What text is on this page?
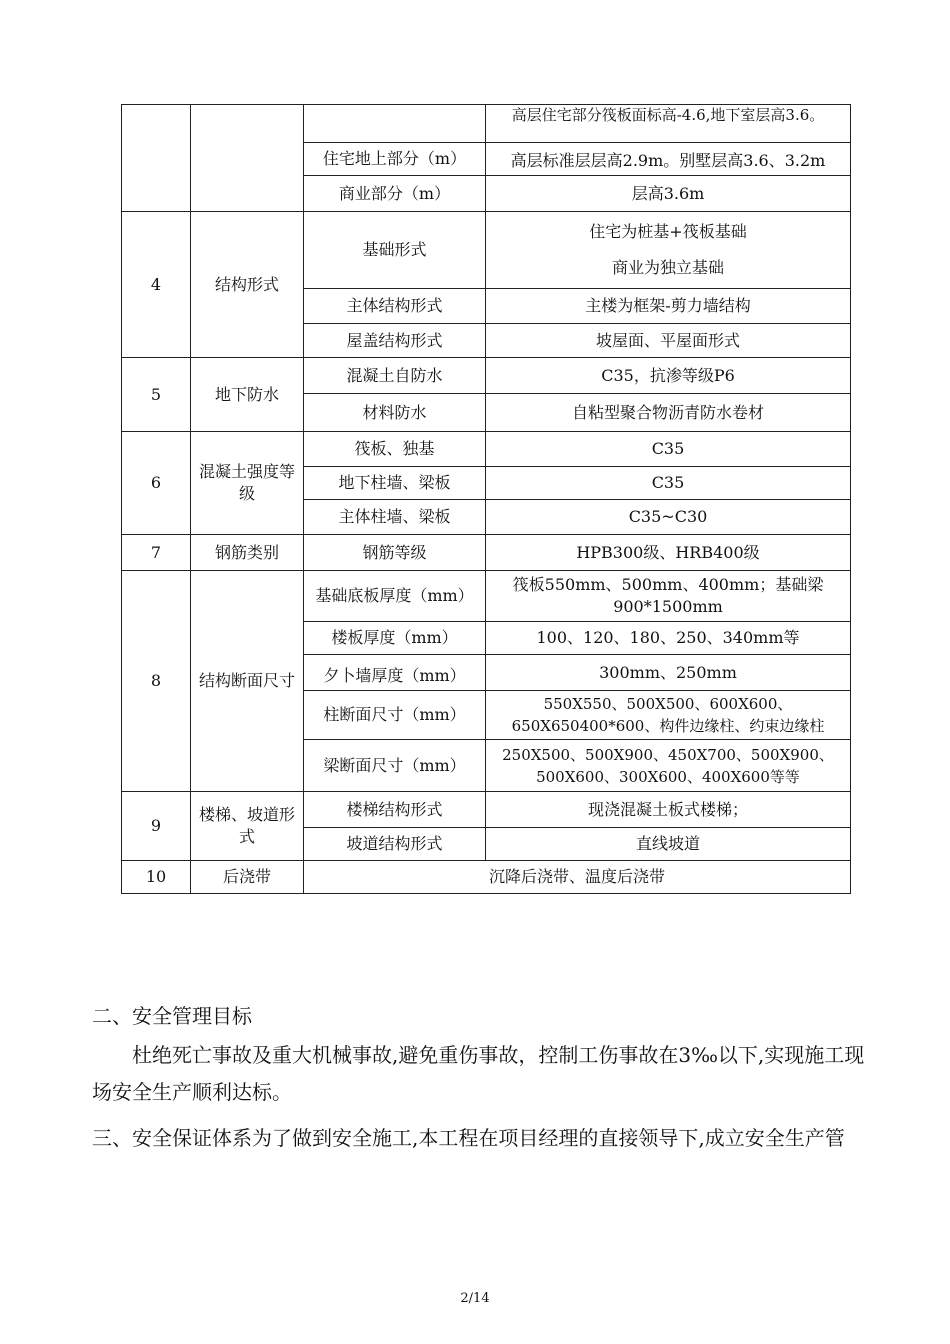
			高层住宅部分筏板面标高-4.6,地下室层高3.6。

		住宅地上部分（m）	高层标准层层高2.9m。别墅层高3.6、3.2m

		商业部分（m）	层高3.6m
4	结构形式	基础形式	住宅为桩基+筏板基础
商业为独立基础

		主体结构形式	主楼为框架-剪力墙结构
		屋盖结构形式	坡屋面、平屋面形式
5	地下防水	混凝土自防水	C35，抗渗等级P6
		材料防水	自粘型聚合物沥青防水卷材
6	混凝土强度等级	筏板、独基	C35
		地下柱墙、梁板	C35
		主体柱墙、梁板	C35~C30
7	钢筋类别	钢筋等级	HPB300级、HRB400级
8	结构断面尺寸	基础底板厚度（mm）	筏板550mm、500mm、400mm；基础梁900*1500mm
		楼板厚度（mm）	100、120、180、250、340mm等

		夕卜墙厚度（mm）	300mm、250mm
		柱断面尺寸（mm）	550X550、500X500、600X600、650X650400*600、构件边缘柱、约束边缘柱
		梁断面尺寸（mm）	250X500、500X900、450X700、500X900、500X600、300X600、400X600等等
9	楼梯、坡道形式	楼梯结构形式	现浇混凝土板式楼梯；
		坡道结构形式	直线坡道
10	后浇带	沉降后浇带、温度后浇带	

二、安全管理目标

杜绝死亡事故及重大机械事故,避免重伤事故，控制工伤事故在3‰以下,实现施工现场安全生产顺利达标。

三、安全保证体系为了做到安全施工,本工程在项目经理的直接领导下,成立安全生产管

2/14
